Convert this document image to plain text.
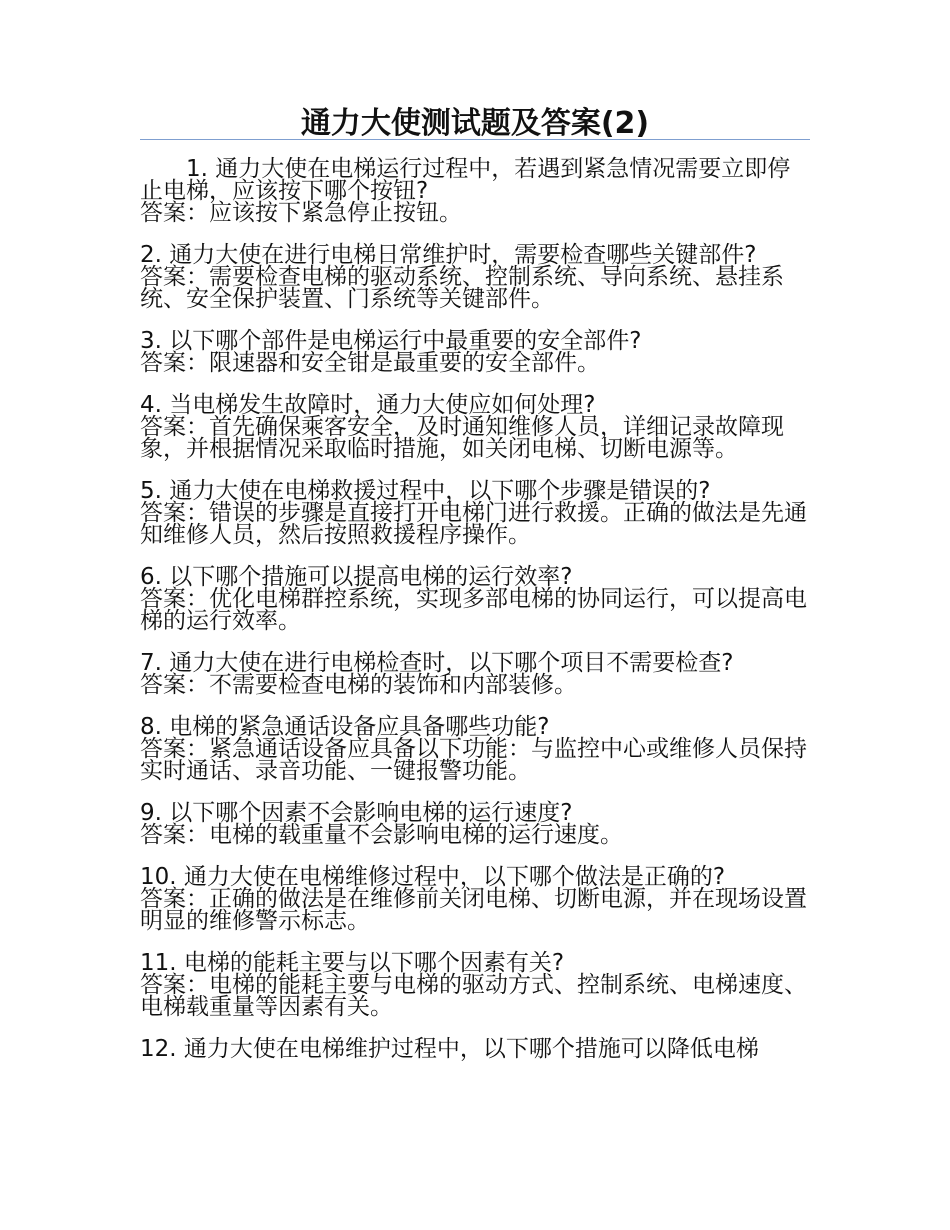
通力大使测试题及答案(2)
1. 通力大使在电梯运行过程中，若遇到紧急情况需要立即停止电梯，应该按下哪个按钮?
答案：应该按下紧急停止按钮。
2. 通力大使在进行电梯日常维护时，需要检查哪些关键部件?
答案：需要检查电梯的驱动系统、控制系统、导向系统、悬挂系统、安全保护装置、门系统等关键部件。
3. 以下哪个部件是电梯运行中最重要的安全部件?
答案：限速器和安全钳是最重要的安全部件。
4. 当电梯发生故障时，通力大使应如何处理?
答案：首先确保乘客安全，及时通知维修人员，详细记录故障现象，并根据情况采取临时措施，如关闭电梯、切断电源等。
5. 通力大使在电梯救援过程中，以下哪个步骤是错误的?
答案：错误的步骤是直接打开电梯门进行救援。正确的做法是先通知维修人员，然后按照救援程序操作。
6. 以下哪个措施可以提高电梯的运行效率?
答案：优化电梯群控系统，实现多部电梯的协同运行，可以提高电梯的运行效率。
7. 通力大使在进行电梯检查时，以下哪个项目不需要检查?
答案：不需要检查电梯的装饰和内部装修。
8. 电梯的紧急通话设备应具备哪些功能?
答案：紧急通话设备应具备以下功能：与监控中心或维修人员保持实时通话、录音功能、一键报警功能。
9. 以下哪个因素不会影响电梯的运行速度?
答案：电梯的载重量不会影响电梯的运行速度。
10. 通力大使在电梯维修过程中，以下哪个做法是正确的?
答案：正确的做法是在维修前关闭电梯、切断电源，并在现场设置明显的维修警示标志。
11. 电梯的能耗主要与以下哪个因素有关?
答案：电梯的能耗主要与电梯的驱动方式、控制系统、电梯速度、电梯载重量等因素有关。
12. 通力大使在电梯维护过程中，以下哪个措施可以降低电梯
